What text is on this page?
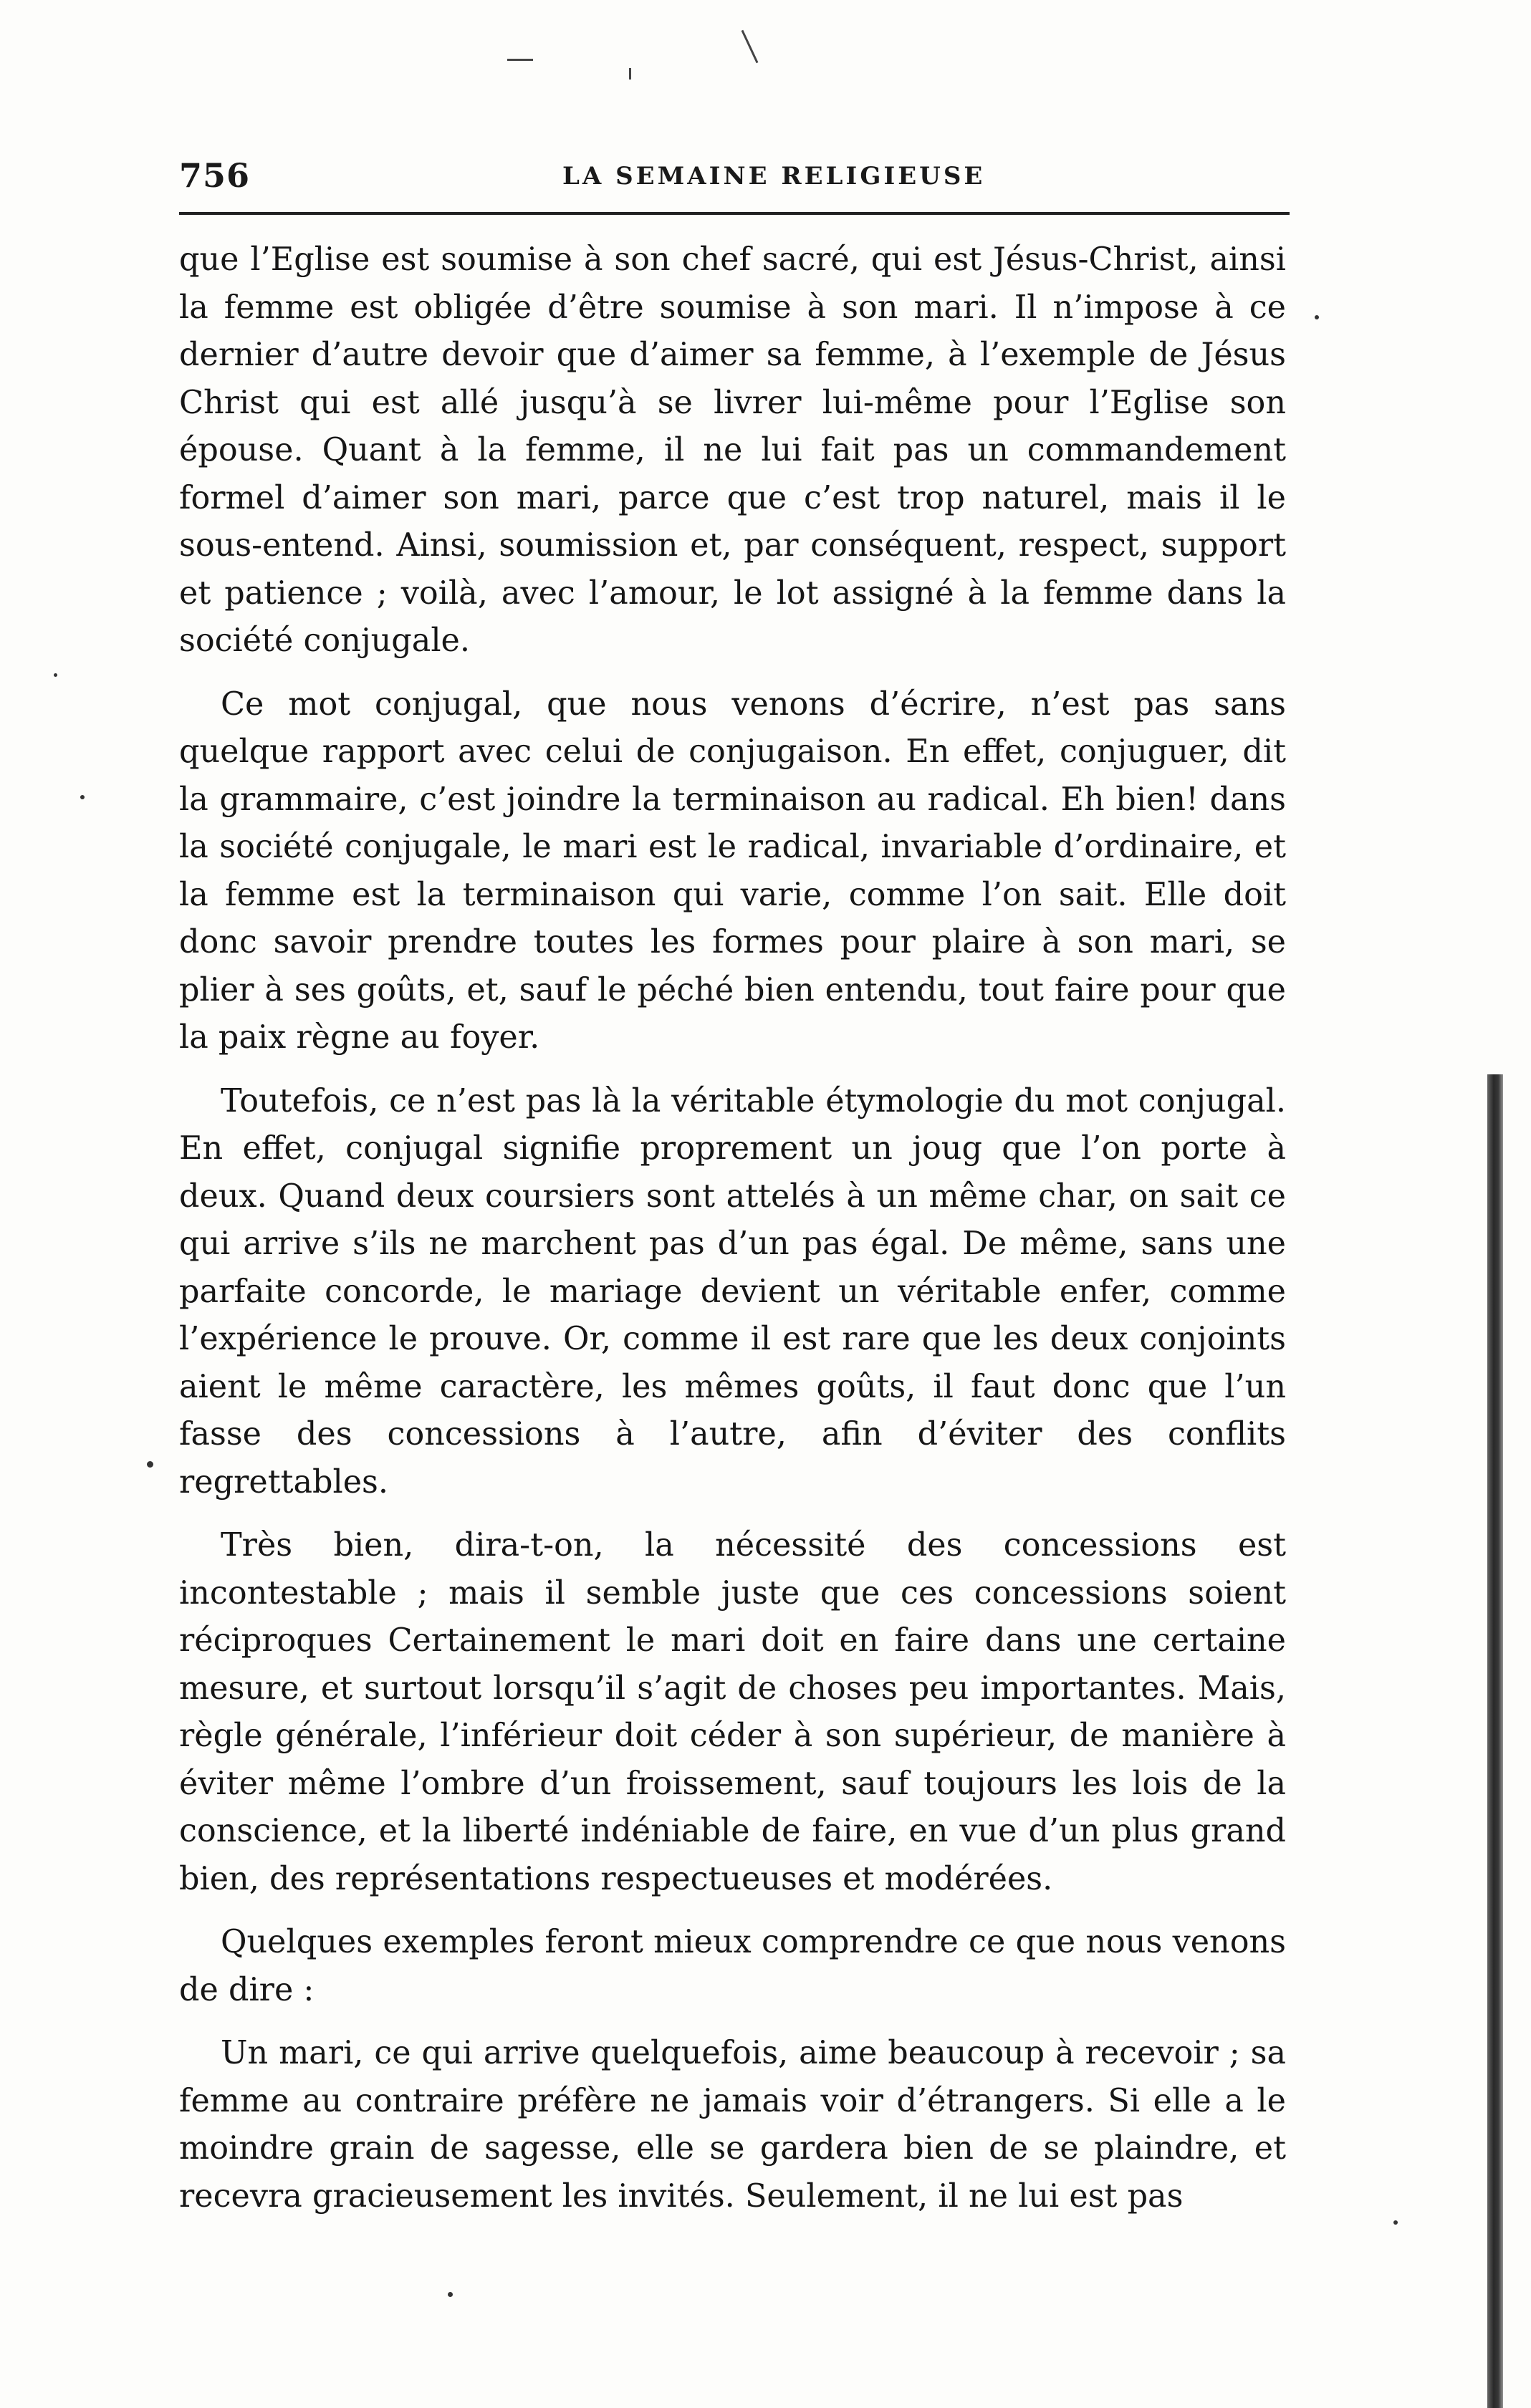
756	LA SEMAINE RELIGIEUSE

que l’Eglise est soumise à son chef sacré, qui est Jésus-Christ, ainsi la femme est obligée d’être soumise à son mari. Il n’impose à ce dernier d’autre devoir que d’aimer sa femme, à l’exemple de Jésus Christ qui est allé jusqu’à se livrer lui-même pour l’Eglise son épouse. Quant à la femme, il ne lui fait pas un commandement formel d’aimer son mari, parce que c’est trop naturel, mais il le sous-entend. Ainsi, soumission et, par conséquent, respect, support et patience ; voilà, avec l’amour, le lot assigné à la femme dans la société conjugale.

Ce mot conjugal, que nous venons d’écrire, n’est pas sans quelque rapport avec celui de conjugaison. En effet, conjuguer, dit la grammaire, c’est joindre la terminaison au radical. Eh bien! dans la société conjugale, le mari est le radical, invariable d’ordinaire, et la femme est la terminaison qui varie, comme l’on sait. Elle doit donc savoir prendre toutes les formes pour plaire à son mari, se plier à ses goûts, et, sauf le péché bien entendu, tout faire pour que la paix règne au foyer.

Toutefois, ce n’est pas là la véritable étymologie du mot conjugal. En effet, conjugal signifie proprement un joug que l’on porte à deux. Quand deux coursiers sont attelés à un même char, on sait ce qui arrive s’ils ne marchent pas d’un pas égal. De même, sans une parfaite concorde, le mariage devient un véritable enfer, comme l’expérience le prouve. Or, comme il est rare que les deux conjoints aient le même caractère, les mêmes goûts, il faut donc que l’un fasse des concessions à l’autre, afin d’éviter des conflits regrettables.

Très bien, dira-t-on, la nécessité des concessions est incontestable ; mais il semble juste que ces concessions soient réciproques Certainement le mari doit en faire dans une certaine mesure, et surtout lorsqu’il s’agit de choses peu importantes. Mais, règle générale, l’inférieur doit céder à son supérieur, de manière à éviter même l’ombre d’un froissement, sauf toujours les lois de la conscience, et la liberté indéniable de faire, en vue d’un plus grand bien, des représentations respectueuses et modérées.

Quelques exemples feront mieux comprendre ce que nous venons de dire :

Un mari, ce qui arrive quelquefois, aime beaucoup à recevoir ; sa femme au contraire préfère ne jamais voir d’étrangers. Si elle a le moindre grain de sagesse, elle se gardera bien de se plaindre, et recevra gracieusement les invités. Seulement, il ne lui est pas
